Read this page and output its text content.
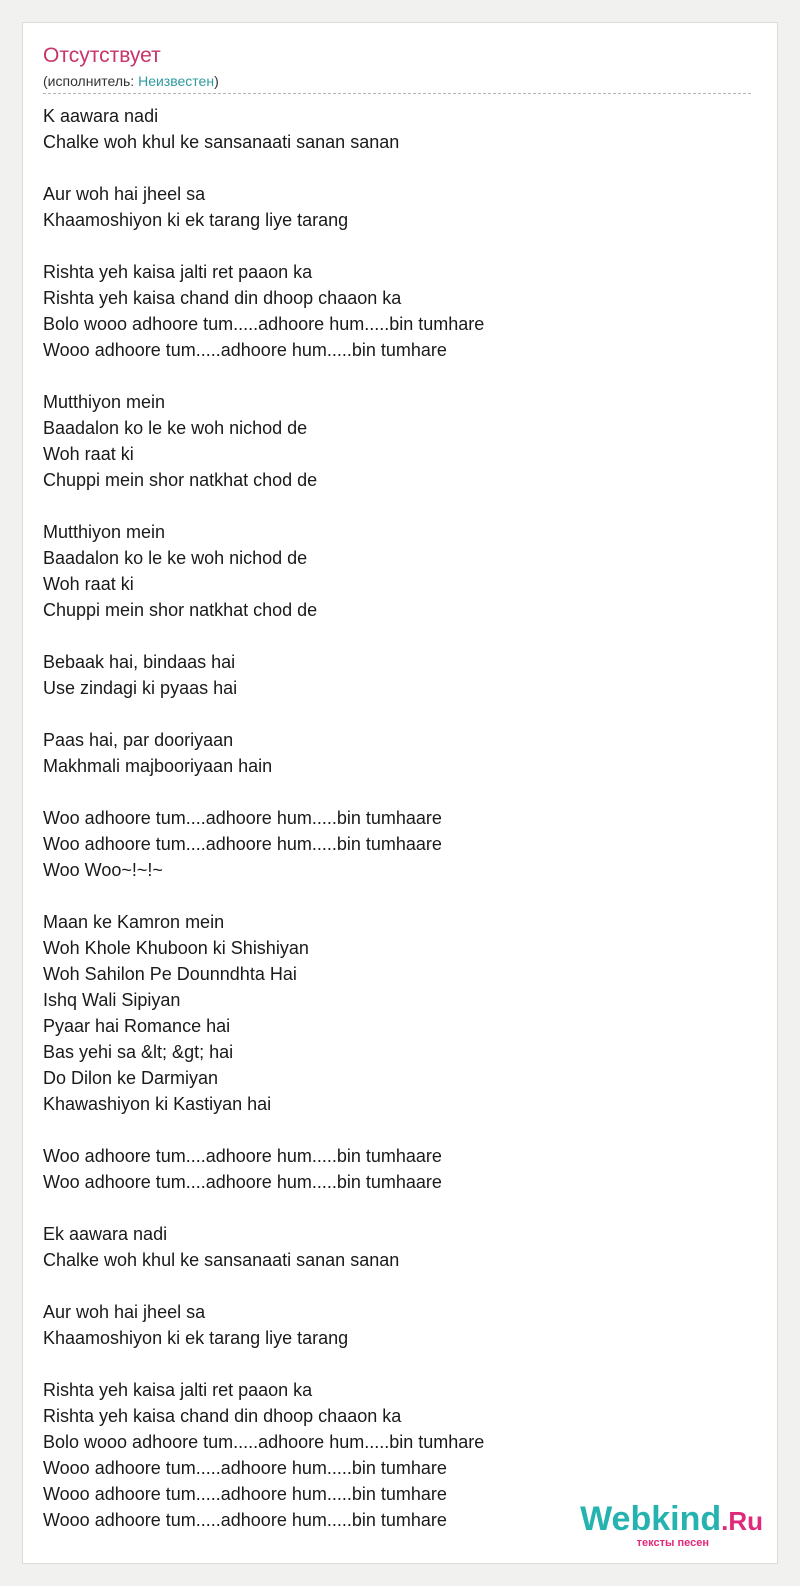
Отсутствует
(исполнитель: Неизвестен)
K aawara nadi
Chalke woh khul ke sansanaati sanan sanan
Aur woh hai jheel sa
Khaamoshiyon ki ek tarang liye tarang
Rishta yeh kaisa jalti ret paaon ka
Rishta yeh kaisa chand din dhoop chaaon ka
Bolo wooo adhoore tum.....adhoore hum.....bin tumhare
Wooo adhoore tum.....adhoore hum.....bin tumhare
Mutthiyon mein
Baadalon ko le ke woh nichod de
Woh raat ki
Chuppi mein shor natkhat chod de
Mutthiyon mein
Baadalon ko le ke woh nichod de
Woh raat ki
Chuppi mein shor natkhat chod de
Bebaak hai, bindaas hai
Use zindagi ki pyaas hai
Paas hai, par dooriyaan
Makhmali majbooriyaan hain
Woo adhoore tum....adhoore hum.....bin tumhaare
Woo adhoore tum....adhoore hum.....bin tumhaare
Woo Woo~!~!~
Maan ke Kamron mein
Woh Khole Khuboon ki Shishiyan
Woh Sahilon Pe Dounndhta Hai
Ishq Wali Sipiyan
Pyaar hai Romance hai
Bas yehi sa &lt; &gt; hai
Do Dilon ke Darmiyan
Khawashiyon ki Kastiyan hai
Woo adhoore tum....adhoore hum.....bin tumhaare
Woo adhoore tum....adhoore hum.....bin tumhaare
Ek aawara nadi
Chalke woh khul ke sansanaati sanan sanan
Aur woh hai jheel sa
Khaamoshiyon ki ek tarang liye tarang
Rishta yeh kaisa jalti ret paaon ka
Rishta yeh kaisa chand din dhoop chaaon ka
Bolo wooo adhoore tum.....adhoore hum.....bin tumhare
Wooo adhoore tum.....adhoore hum.....bin tumhare
Wooo adhoore tum.....adhoore hum.....bin tumhare
Wooo adhoore tum.....adhoore hum.....bin tumhare	Webkind.Ru
тексты песен
